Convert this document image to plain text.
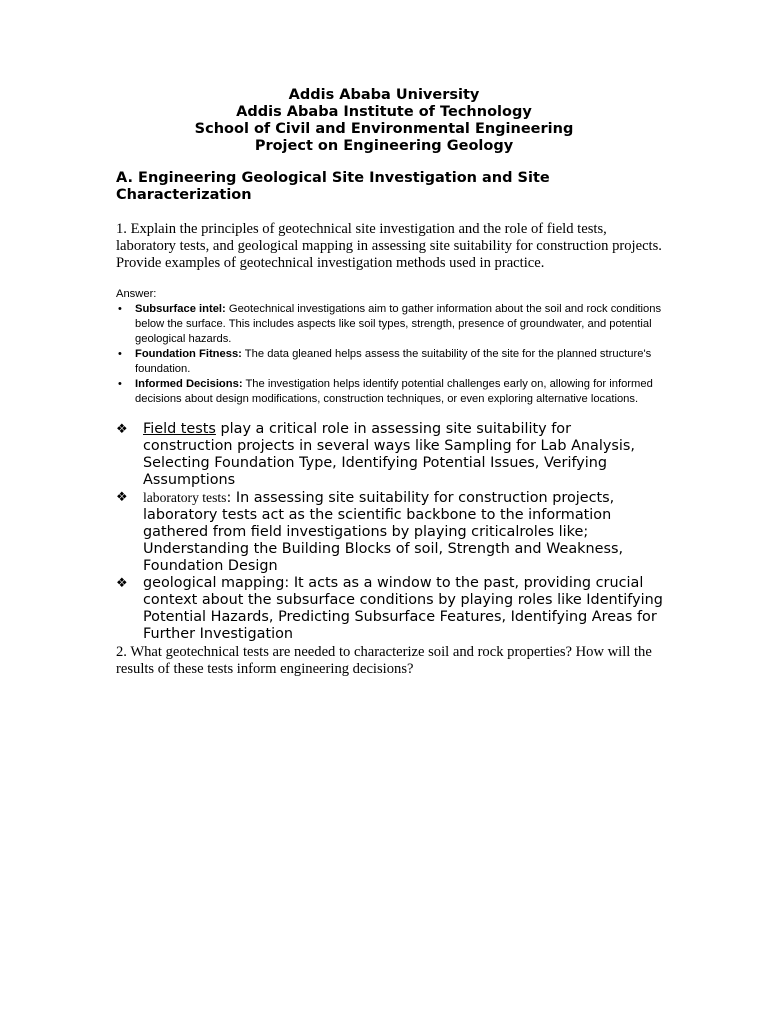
Addis Ababa University
Addis Ababa Institute of Technology
School of Civil and Environmental Engineering
Project on Engineering Geology
A. Engineering Geological Site Investigation and Site Characterization
1. Explain the principles of geotechnical site investigation and the role of field tests, laboratory tests, and geological mapping in assessing site suitability for construction projects. Provide examples of geotechnical investigation methods used in practice.
Answer:
• Subsurface intel: Geotechnical investigations aim to gather information about the soil and rock conditions below the surface. This includes aspects like soil types, strength, presence of groundwater, and potential geological hazards.
• Foundation Fitness: The data gleaned helps assess the suitability of the site for the planned structure's foundation.
• Informed Decisions: The investigation helps identify potential challenges early on, allowing for informed decisions about design modifications, construction techniques, or even exploring alternative locations.
❖ Field tests play a critical role in assessing site suitability for construction projects in several ways like Sampling for Lab Analysis, Selecting Foundation Type, Identifying Potential Issues, Verifying Assumptions
❖ laboratory tests: In assessing site suitability for construction projects, laboratory tests act as the scientific backbone to the information gathered from field investigations by playing criticalroles like; Understanding the Building Blocks of soil, Strength and Weakness, Foundation Design
❖ geological mapping: It acts as a window to the past, providing crucial context about the subsurface conditions by playing roles like Identifying Potential Hazards, Predicting Subsurface Features, Identifying Areas for Further Investigation
2. What geotechnical tests are needed to characterize soil and rock properties? How will the results of these tests inform engineering decisions?
